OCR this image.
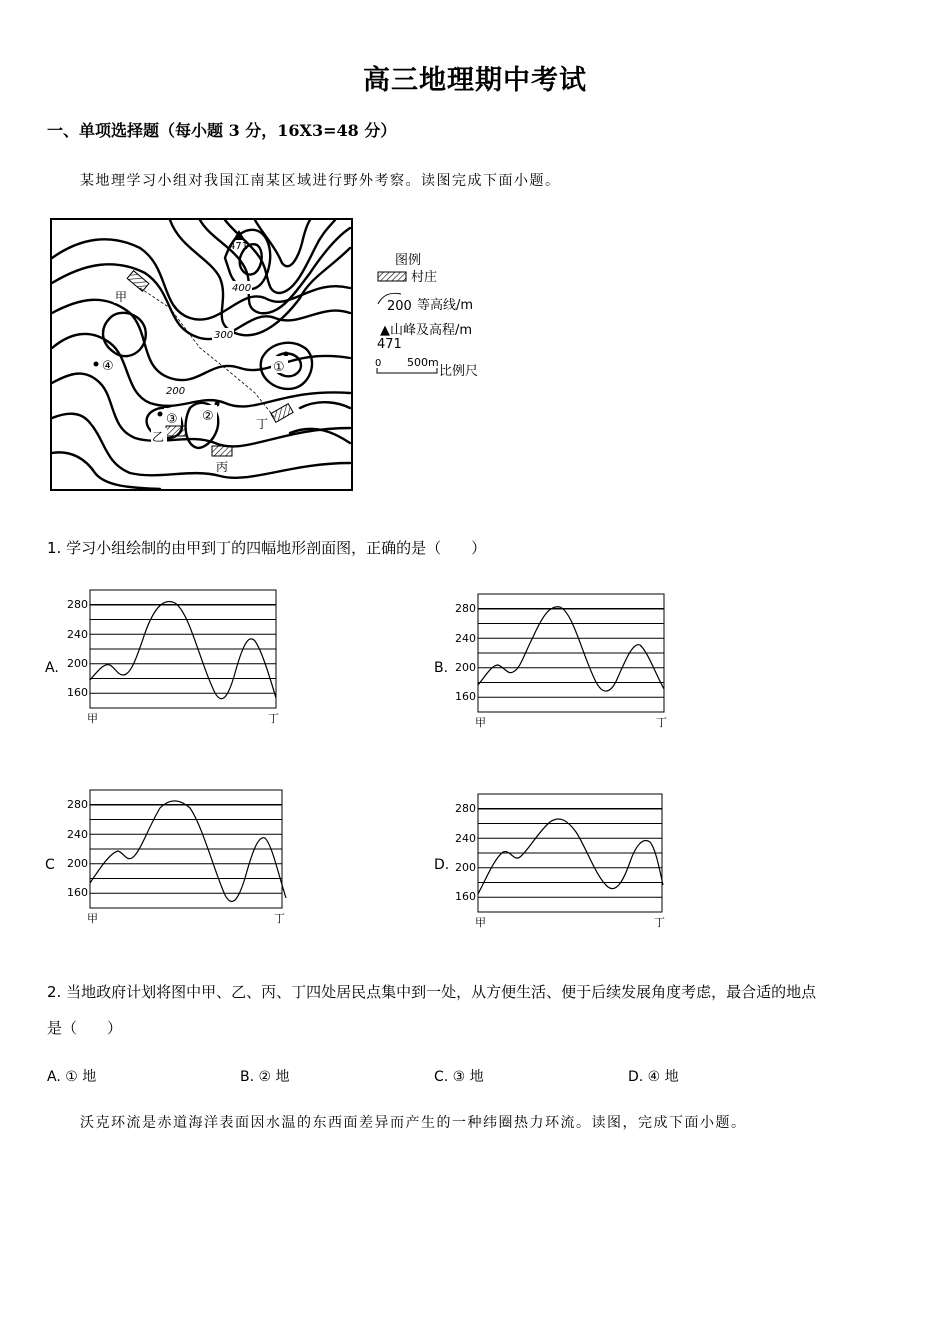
高三地理期中考试
一、单项选择题（每小题 3 分，16X3=48 分）
某地理学习小组对我国江南某区域进行野外考察。读图完成下面小题。
471
400
300
200
甲
乙
丙
丁
①
②
③
④
图例
村庄
200 等高线/m
▲山峰及高程/m
471
0 500m
比例尺
1. 学习小组绘制的由甲到丁的四幅地形剖面图，正确的是（　　）
A.	B.
C	D.
280
240
200
160
甲	丁
280
240
200
160
甲	丁
280
240
200
160
甲	丁
280
240
200
160
甲	丁
2. 当地政府计划将图中甲、乙、丙、丁四处居民点集中到一处，从方便生活、便于后续发展角度考虑，最合适的地点
是（　　）
A. ① 地	B. ② 地	C. ③ 地	D. ④ 地
沃克环流是赤道海洋表面因水温的东西面差异而产生的一种纬圈热力环流。读图，完成下面小题。
